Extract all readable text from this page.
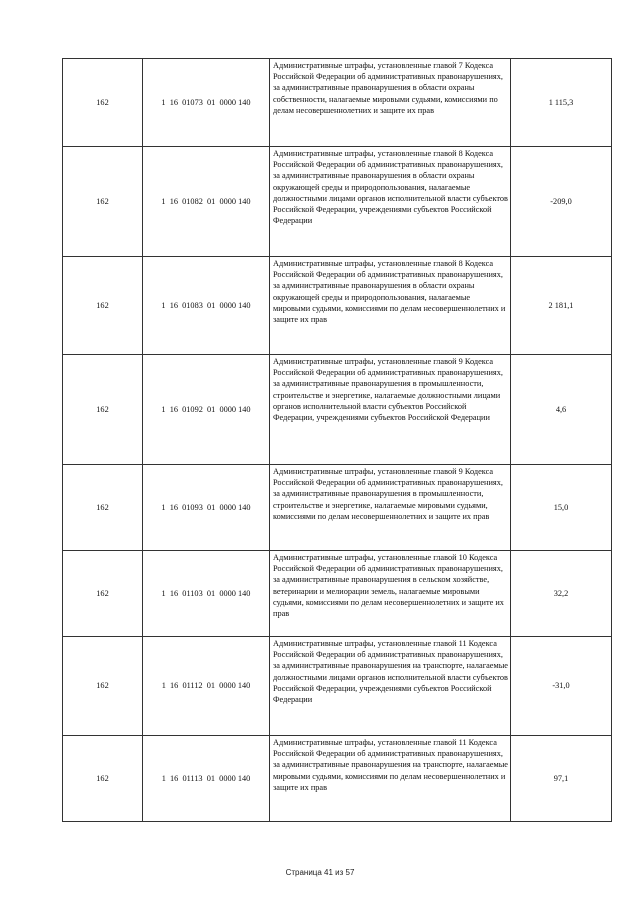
162	1  16  01073  01  0000 140	Административные штрафы, установленные главой 7 Кодекса Российской Федерации об административных правонарушениях, за административные правонарушения в области охраны собственности, налагаемые мировыми судьями, комиссиями по делам несовершеннолетних и защите их прав	1 115,3
162	1  16  01082  01  0000 140	Административные штрафы, установленные главой 8 Кодекса Российской Федерации об административных правонарушениях, за административные правонарушения в области охраны окружающей среды и природопользования, налагаемые должностными лицами органов исполнительной власти субъектов Российской Федерации, учреждениями субъектов Российской Федерации	-209,0
162	1  16  01083  01  0000 140	Административные штрафы, установленные главой 8 Кодекса Российской Федерации об административных правонарушениях, за административные правонарушения в области охраны окружающей среды и природопользования, налагаемые мировыми судьями, комиссиями по делам несовершеннолетних и защите их прав	2 181,1
162	1  16  01092  01  0000 140	Административные штрафы, установленные главой 9 Кодекса Российской Федерации об административных правонарушениях, за административные правонарушения в промышленности, строительстве и энергетике, налагаемые должностными лицами органов исполнительной власти субъектов Российской Федерации, учреждениями субъектов Российской Федерации	4,6
162	1  16  01093  01  0000 140	Административные штрафы, установленные главой 9 Кодекса Российской Федерации об административных правонарушениях, за административные правонарушения в промышленности, строительстве и энергетике, налагаемые мировыми судьями, комиссиями по делам несовершеннолетних и защите их прав	15,0
162	1  16  01103  01  0000 140	Административные штрафы, установленные главой 10 Кодекса Российской Федерации об административных правонарушениях, за административные правонарушения в сельском хозяйстве, ветеринарии и мелиорации земель, налагаемые мировыми судьями, комиссиями по делам несовершеннолетних и защите их прав	32,2
162	1  16  01112  01  0000 140	Административные штрафы, установленные главой 11 Кодекса Российской Федерации об административных правонарушениях, за административные правонарушения на транспорте, налагаемые должностными лицами органов исполнительной власти субъектов Российской Федерации, учреждениями субъектов Российской Федерации	-31,0
162	1  16  01113  01  0000 140	Административные штрафы, установленные главой 11 Кодекса Российской Федерации об административных правонарушениях, за административные правонарушения на транспорте, налагаемые мировыми судьями, комиссиями по делам несовершеннолетних и защите их прав	97,1
Страница 41 из 57
